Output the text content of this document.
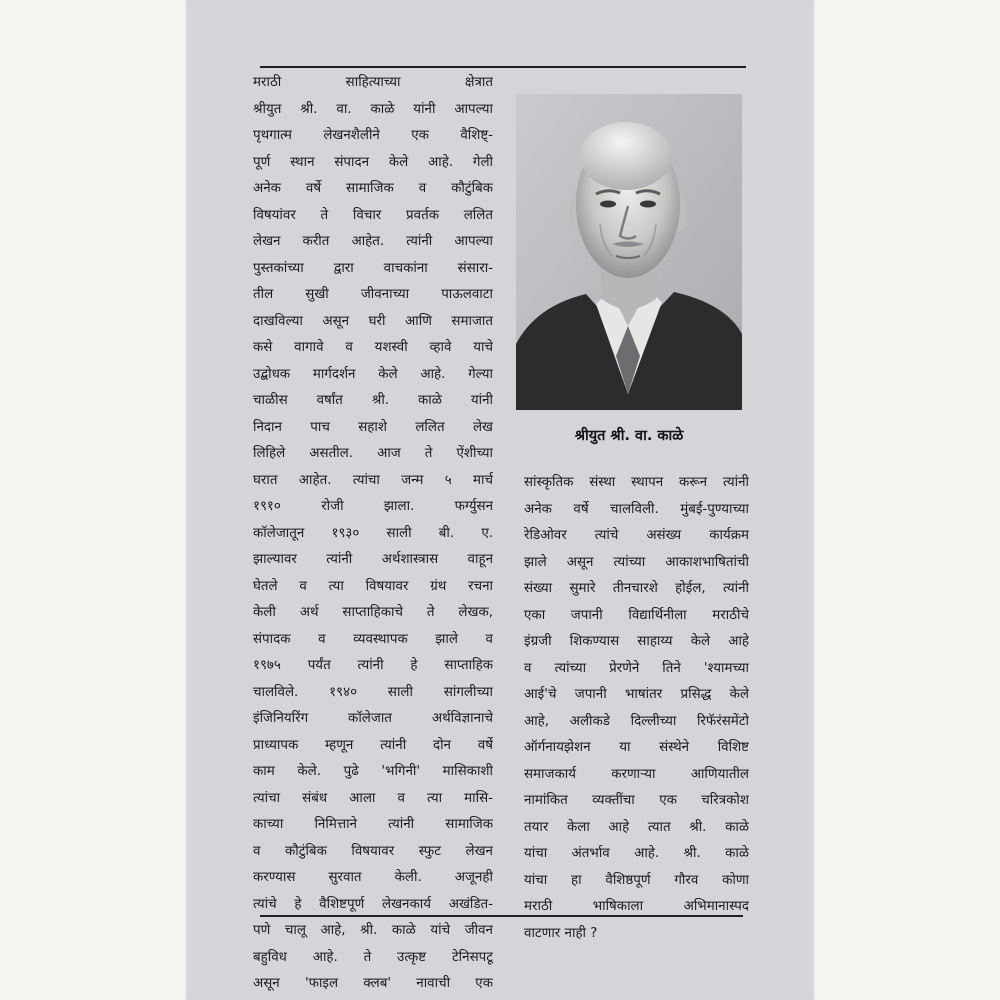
मराठी साहित्याच्या क्षेत्रात
श्रीयुत श्री. वा. काळे यांनी आपल्या
पृथगात्म लेखनशैलीने एक वैशिष्ट्-
पूर्ण स्थान संपादन केले आहे. गेली
अनेक वर्षे सामाजिक व कौटुंबिक
विषयांवर ते विचार प्रवर्तक ललित
लेखन करीत आहेत. त्यांनी आपल्या
पुस्तकांच्या द्वारा वाचकांना संसारा-
तील सुखी जीवनाच्या पाऊलवाटा
दाखविल्या असून घरी आणि समाजात
कसे वागावे व यशस्वी व्हावे याचे
उद्बोधक मार्गदर्शन केले आहे. गेल्या
चाळीस वर्षांत श्री. काळे यांनी
निदान पाच सहाशे ललित लेख
लिहिले असतील. आज ते ऐंशीच्या
घरात आहेत. त्यांचा जन्म ५ मार्च
१९१० रोजी झाला. फर्ग्युसन
कॉलेजातून १९३० साली बी. ए.
झाल्यावर त्यांनी अर्थशास्त्रास वाहून
घेतले व त्या विषयावर ग्रंथ रचना
केली अर्थ साप्ताहिकाचे ते लेखक,
संपादक व व्यवस्थापक झाले व
१९७५ पर्यंत त्यांनी हे साप्ताहिक
चालविले. १९४० साली सांगलीच्या
इंजिनियरिंग कॉलेजात अर्थविज्ञानाचे
प्राध्यापक म्हणून त्यांनी दोन वर्षे
काम केले. पुढे 'भगिनी' मासिकाशी
त्यांचा संबंध आला व त्या मासि-
काच्या निमित्ताने त्यांनी सामाजिक
व कौटुंबिक विषयावर स्फुट लेखन
करण्यास सुरवात केली. अजूनही
त्यांचे हे वैशिष्टपूर्ण लेखनकार्य अखंडित-
पणे चालू आहे, श्री. काळे यांचे जीवन
बहुविध आहे. ते उत्कृष्ट टेनिसपटू
असून 'फाइल क्लब' नावाची एक
श्रीयुत श्री. वा. काळे
सांस्कृतिक संस्था स्थापन करून त्यांनी
अनेक वर्षे चालविली. मुंबई-पुण्याच्या
रेडिओवर त्यांचे असंख्य कार्यक्रम
झाले असून त्यांच्या आकाशभाषितांची
संख्या सुमारे तीनचारशे होईल, त्यांनी
एका जपानी विद्यार्थिनीला मराठीचे
इंग्रजी शिकण्यास साहाय्य केले आहे
व त्यांच्या प्रेरणेने तिने 'श्यामच्या
आई'चे जपानी भाषांतर प्रसिद्ध केले
आहे, अलीकडे दिल्लीच्या रिफॅरंसमेंटो
ऑर्गनायझेशन या संस्थेने विशिष्ट
समाजकार्य करणाऱ्या आणियातील
नामांकित व्यक्तींचा एक चरित्रकोश
तयार केला आहे त्यात श्री. काळे
यांचा अंतर्भाव आहे. श्री. काळे
यांचा हा वैशिष्ठपूर्ण गौरव कोणा
मराठी भाषिकाला अभिमानास्पद
वाटणार नाही ?
